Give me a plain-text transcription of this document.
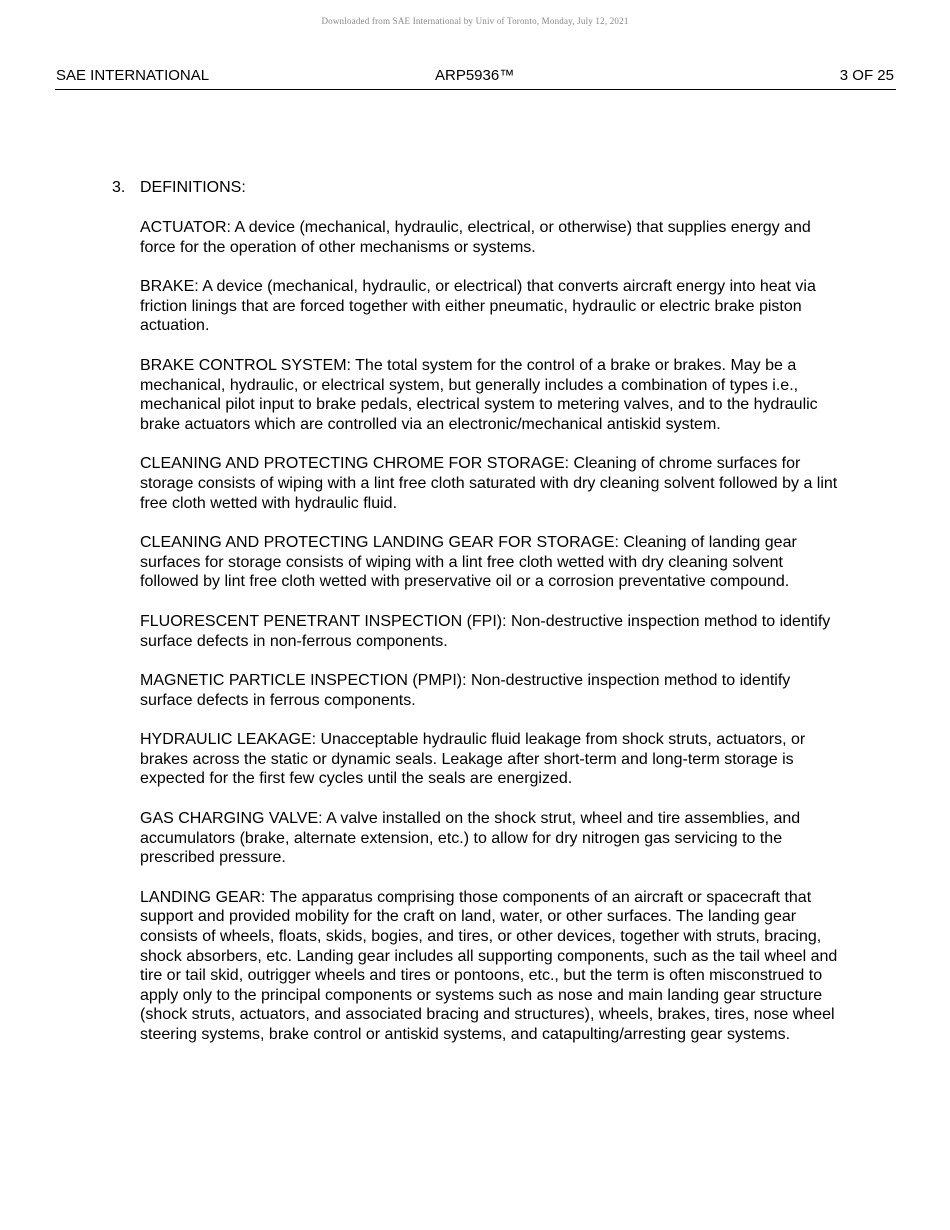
Downloaded from SAE International by Univ of Toronto, Monday, July 12, 2021
SAE INTERNATIONAL	ARP5936™	3 OF 25
3. DEFINITIONS:

ACTUATOR: A device (mechanical, hydraulic, electrical, or otherwise) that supplies energy and force for the operation of other mechanisms or systems.

BRAKE: A device (mechanical, hydraulic, or electrical) that converts aircraft energy into heat via friction linings that are forced together with either pneumatic, hydraulic or electric brake piston actuation.

BRAKE CONTROL SYSTEM: The total system for the control of a brake or brakes. May be a mechanical, hydraulic, or electrical system, but generally includes a combination of types i.e., mechanical pilot input to brake pedals, electrical system to metering valves, and to the hydraulic brake actuators which are controlled via an electronic/mechanical antiskid system.

CLEANING AND PROTECTING CHROME FOR STORAGE: Cleaning of chrome surfaces for storage consists of wiping with a lint free cloth saturated with dry cleaning solvent followed by a lint free cloth wetted with hydraulic fluid.

CLEANING AND PROTECTING LANDING GEAR FOR STORAGE: Cleaning of landing gear surfaces for storage consists of wiping with a lint free cloth wetted with dry cleaning solvent followed by lint free cloth wetted with preservative oil or a corrosion preventative compound.

FLUORESCENT PENETRANT INSPECTION (FPI): Non-destructive inspection method to identify surface defects in non-ferrous components.

MAGNETIC PARTICLE INSPECTION (PMPI): Non-destructive inspection method to identify surface defects in ferrous components.

HYDRAULIC LEAKAGE: Unacceptable hydraulic fluid leakage from shock struts, actuators, or brakes across the static or dynamic seals. Leakage after short-term and long-term storage is expected for the first few cycles until the seals are energized.

GAS CHARGING VALVE: A valve installed on the shock strut, wheel and tire assemblies, and accumulators (brake, alternate extension, etc.) to allow for dry nitrogen gas servicing to the prescribed pressure.

LANDING GEAR: The apparatus comprising those components of an aircraft or spacecraft that support and provided mobility for the craft on land, water, or other surfaces. The landing gear consists of wheels, floats, skids, bogies, and tires, or other devices, together with struts, bracing, shock absorbers, etc. Landing gear includes all supporting components, such as the tail wheel and tire or tail skid, outrigger wheels and tires or pontoons, etc., but the term is often misconstrued to apply only to the principal components or systems such as nose and main landing gear structure (shock struts, actuators, and associated bracing and structures), wheels, brakes, tires, nose wheel steering systems, brake control or antiskid systems, and catapulting/arresting gear systems.
